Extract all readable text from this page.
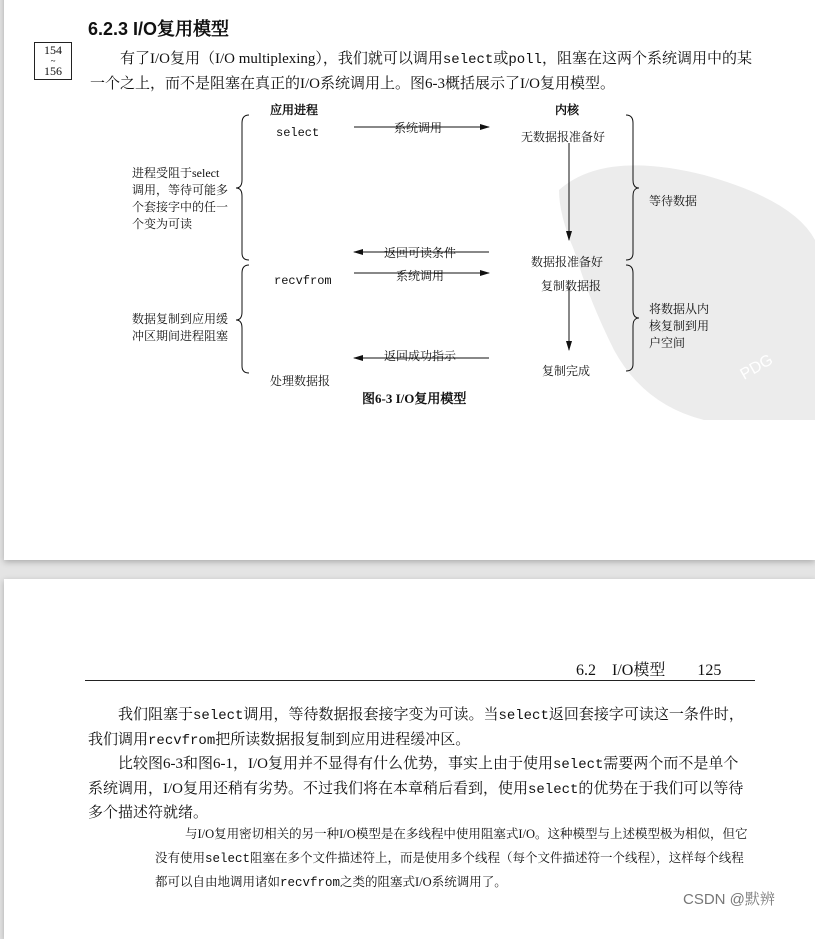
6.2.3 I/O复用模型
154
~
156

有了I/O复用（I/O multiplexing），我们就可以调用select或poll，阻塞在这两个系统调用中的某一个之上，而不是阻塞在真正的I/O系统调用上。图6-3概括展示了I/O复用模型。

PDG
应用进程	内核
select	系统调用
无数据报准备好
进程受阻于select
调用，等待可能多
个套接字中的任一
个变为可读
等待数据
返回可读条件
数据报准备好
recvfrom	系统调用
复制数据报
数据复制到应用缓
冲区期间进程阻塞
将数据从内
核复制到用
户空间
返回成功指示
复制完成
处理数据报
图6-3 I/O复用模型
6.2 I/O模型 125

我们阻塞于select调用，等待数据报套接字变为可读。当select返回套接字可读这一条件时，我们调用recvfrom把所读数据报复制到应用进程缓冲区。

比较图6-3和图6-1，I/O复用并不显得有什么优势，事实上由于使用select需要两个而不是单个系统调用，I/O复用还稍有劣势。不过我们将在本章稍后看到，使用select的优势在于我们可以等待多个描述符就绪。

与I/O复用密切相关的另一种I/O模型是在多线程中使用阻塞式I/O。这种模型与上述模型极为相似，但它没有使用select阻塞在多个文件描述符上，而是使用多个线程（每个文件描述符一个线程），这样每个线程都可以自由地调用诸如recvfrom之类的阻塞式I/O系统调用了。

CSDN @默辨
